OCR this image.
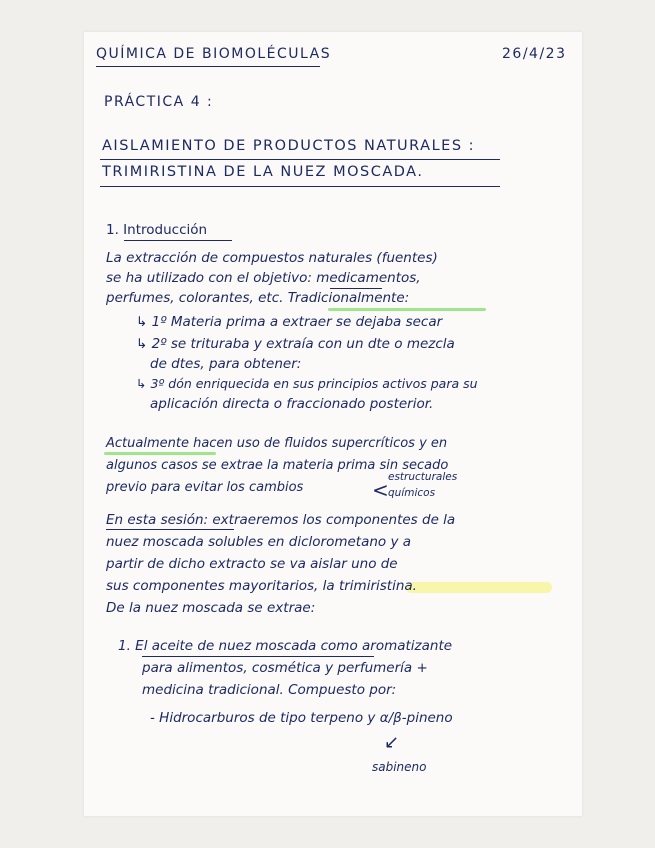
QUÍMICA DE BIOMOLÉCULAS	26/4/23
PRÁCTICA 4 :
AISLAMIENTO DE PRODUCTOS NATURALES :
TRIMIRISTINA DE LA NUEZ MOSCADA.
1. Introducción
La extracción de compuestos naturales (fuentes)
se ha utilizado con el objetivo: medicamentos,
perfumes, colorantes, etc. Tradicionalmente:
↳ 1º Materia prima a extraer se dejaba secar
↳ 2º se trituraba y extraía con un dte o mezcla
de dtes, para obtener:
↳ 3º dón enriquecida en sus principios activos para su
aplicación directa o fraccionado posterior.
Actualmente hacen uso de fluidos supercríticos y en
algunos casos se extrae la materia prima sin secado
previo para evitar los cambios	<
estructurales
químicos
En esta sesión: extraeremos los componentes de la
nuez moscada solubles en diclorometano y a
partir de dicho extracto se va aislar uno de
sus componentes mayoritarios, la trimiristina.
De la nuez moscada se extrae:
1. El aceite de nuez moscada como aromatizante
para alimentos, cosmética y perfumería +
medicina tradicional. Compuesto por:
- Hidrocarburos de tipo terpeno y α/β-pineno
↙
sabineno
